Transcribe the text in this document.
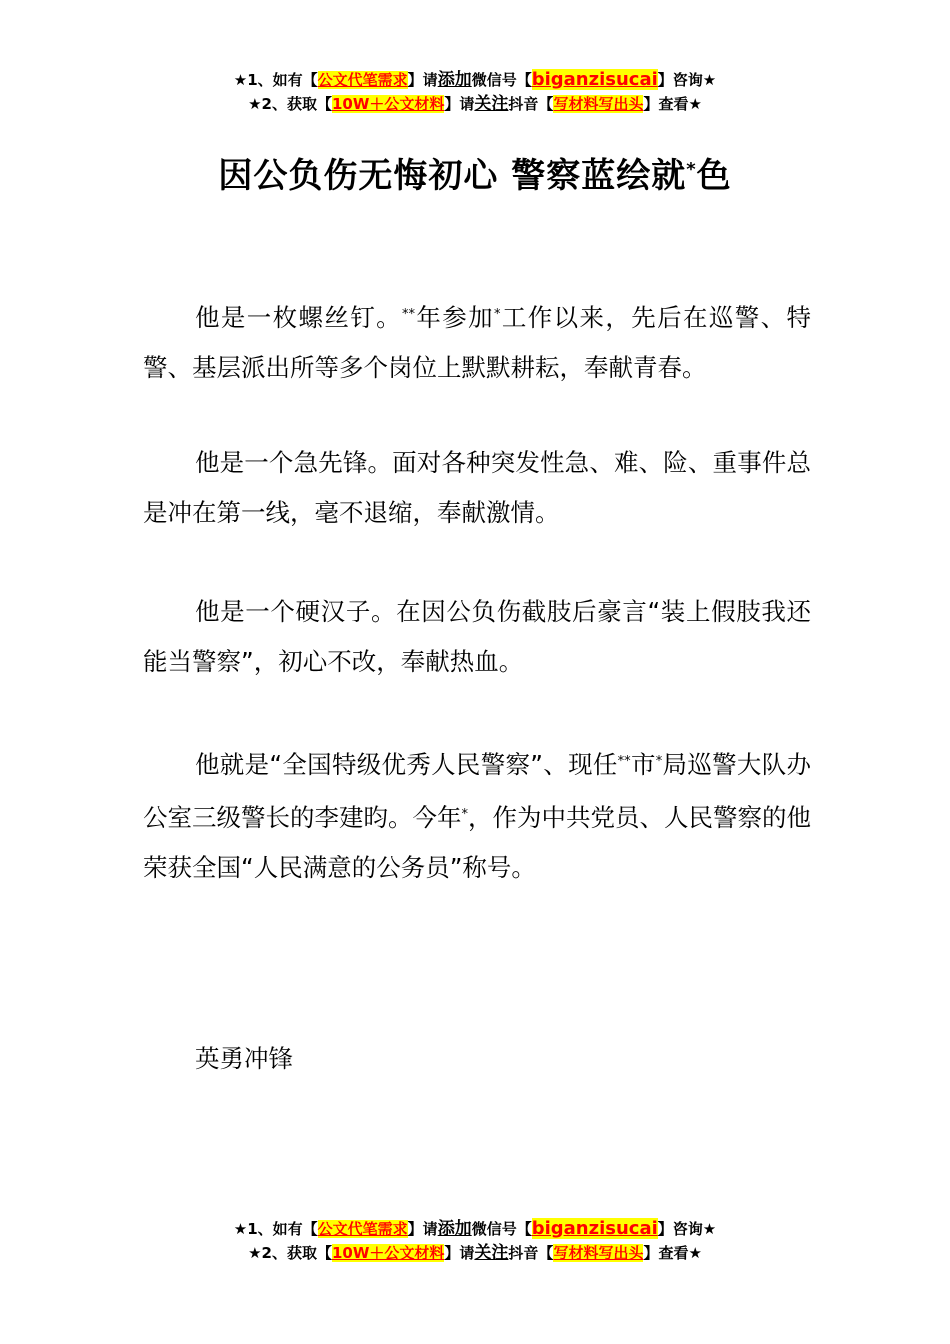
★1、如有【公文代笔需求】请添加微信号【biganzisucai】咨询★
★2、获取【10W＋公文材料】请关注抖音【写材料写出头】查看★
因公负伤无悔初心 警察蓝绘就*色
他是一枚螺丝钉。**年参加*工作以来，先后在巡警、特警、基层派出所等多个岗位上默默耕耘，奉献青春。
他是一个急先锋。面对各种突发性急、难、险、重事件总是冲在第一线，毫不退缩，奉献激情。
他是一个硬汉子。在因公负伤截肢后豪言“装上假肢我还能当警察”，初心不改，奉献热血。
他就是“全国特级优秀人民警察”、现任**市*局巡警大队办公室三级警长的李建昀。今年*，作为中共党员、人民警察的他荣获全国“人民满意的公务员”称号。
英勇冲锋
★1、如有【公文代笔需求】请添加微信号【biganzisucai】咨询★
★2、获取【10W＋公文材料】请关注抖音【写材料写出头】查看★
